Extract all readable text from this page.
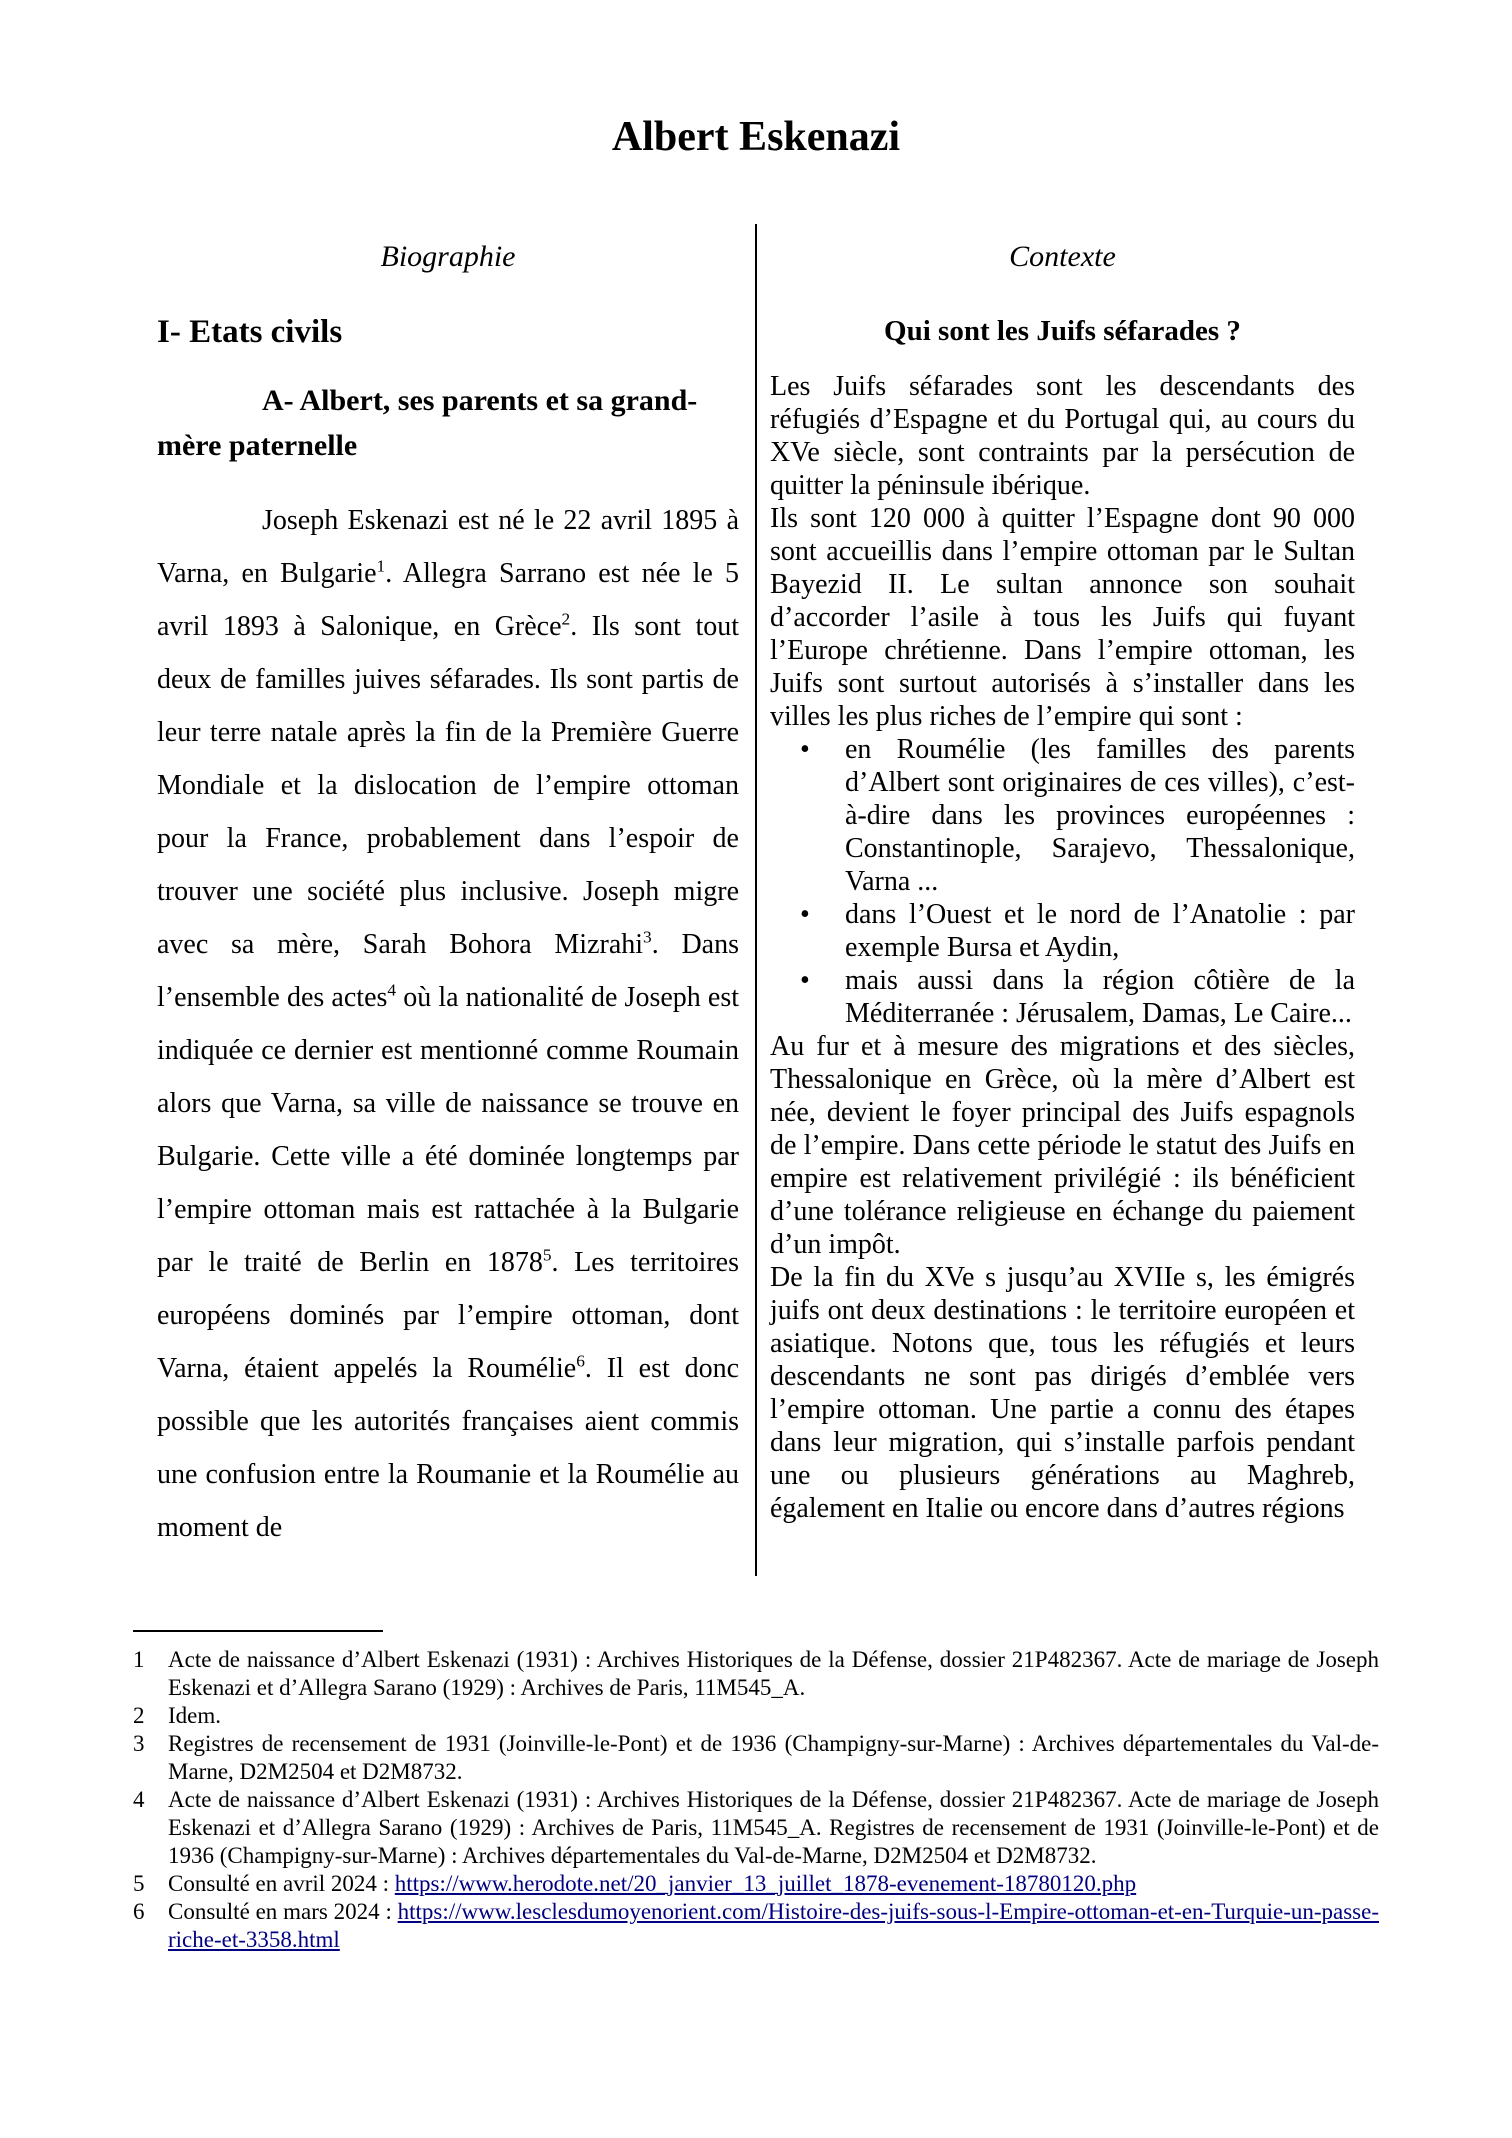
Albert Eskenazi
Biographie
I- Etats civils
A- Albert, ses parents et sa grand-mère paternelle

Joseph Eskenazi est né le 22 avril 1895 à Varna, en Bulgarie$^1$. Allegra Sarrano est née le 5 avril 1893 à Salonique, en Grèce$^2$. Ils sont tout deux de familles juives séfarades. Ils sont partis de leur terre natale après la fin de la Première Guerre Mondiale et la dislocation de l’empire ottoman pour la France, probablement dans l’espoir de trouver une société plus inclusive. Joseph migre avec sa mère, Sarah Bohora Mizrahi$^3$. Dans l’ensemble des actes$^4$ où la nationalité de Joseph est indiquée ce dernier est mentionné comme Roumain alors que Varna, sa ville de naissance se trouve en Bulgarie. Cette ville a été dominée longtemps par l’empire ottoman mais est rattachée à la Bulgarie par le traité de Berlin en 1878$^5$. Les territoires européens dominés par l’empire ottoman, dont Varna, étaient appelés la Roumélie$^6$. Il est donc possible que les autorités françaises aient commis une confusion entre la Roumanie et la Roumélie au moment de

Contexte
Qui sont les Juifs séfarades ?

Les Juifs séfarades sont les descendants des réfugiés d’Espagne et du Portugal qui, au cours du XVe siècle, sont contraints par la persécution de quitter la péninsule ibérique.

Ils sont 120 000 à quitter l’Espagne dont 90 000 sont accueillis dans l’empire ottoman par le Sultan Bayezid II. Le sultan annonce son souhait d’accorder l’asile à tous les Juifs qui fuyant l’Europe chrétienne. Dans l’empire ottoman, les Juifs sont surtout autorisés à s’installer dans les villes les plus riches de l’empire qui sont :

• en Roumélie (les familles des parents d’Albert sont originaires de ces villes), c’est-à-dire dans les provinces européennes : Constantinople, Sarajevo, Thessalonique, Varna ...
• dans l’Ouest et le nord de l’Anatolie : par exemple Bursa et Aydin,
• mais aussi dans la région côtière de la Méditerranée : Jérusalem, Damas, Le Caire...

Au fur et à mesure des migrations et des siècles, Thessalonique en Grèce, où la mère d’Albert est née, devient le foyer principal des Juifs espagnols de l’empire. Dans cette période le statut des Juifs en empire est relativement privilégié : ils bénéficient d’une tolérance religieuse en échange du paiement d’un impôt.

De la fin du XVe s jusqu’au XVIIe s, les émigrés juifs ont deux destinations : le territoire européen et asiatique. Notons que, tous les réfugiés et leurs descendants ne sont pas dirigés d’emblée vers l’empire ottoman. Une partie a connu des étapes dans leur migration, qui s’installe parfois pendant une ou plusieurs générations au Maghreb, également en Italie ou encore dans d’autres régions

1	Acte de naissance d’Albert Eskenazi (1931) : Archives Historiques de la Défense, dossier 21P482367. Acte de mariage de Joseph Eskenazi et d’Allegra Sarano (1929) : Archives de Paris, 11M545_A.
2	Idem.
3	Registres de recensement de 1931 (Joinville-le-Pont) et de 1936 (Champigny-sur-Marne) : Archives départementales du Val-de-Marne, D2M2504 et D2M8732.
4	Acte de naissance d’Albert Eskenazi (1931) : Archives Historiques de la Défense, dossier 21P482367. Acte de mariage de Joseph Eskenazi et d’Allegra Sarano (1929) : Archives de Paris, 11M545_A. Registres de recensement de 1931 (Joinville-le-Pont) et de 1936 (Champigny-sur-Marne) : Archives départementales du Val-de-Marne, D2M2504 et D2M8732.
5	Consulté en avril 2024 : https://www.herodote.net/20_janvier_13_juillet_1878-evenement-18780120.php
6	Consulté en mars 2024 : https://www.lesclesdumoyenorient.com/Histoire-des-juifs-sous-l-Empire-ottoman-et-en-Turquie-un-passe-riche-et-3358.html
